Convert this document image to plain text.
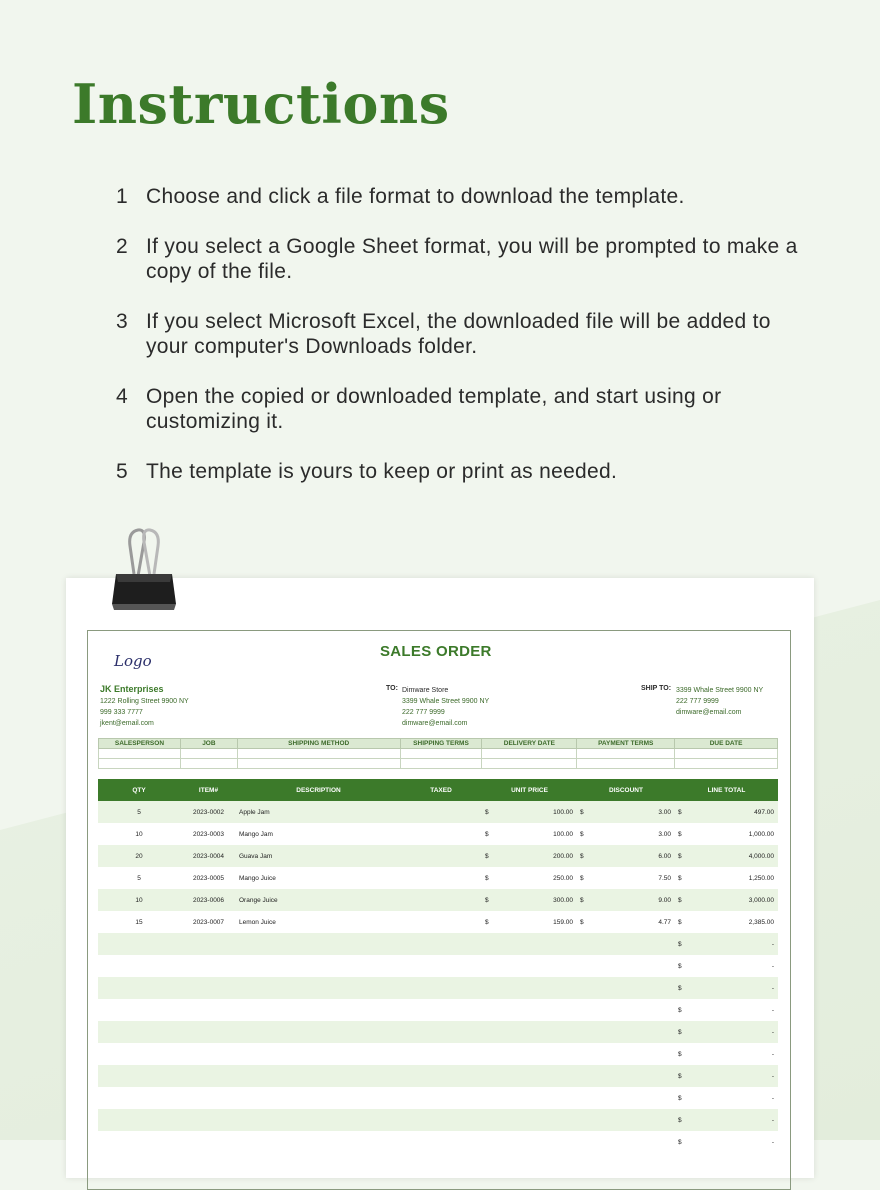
Instructions
1 Choose and click a file format to download the template.
2 If you select a Google Sheet format, you will be prompted to make a copy of the file.
3 If you select Microsoft Excel, the downloaded file will be added to your computer's Downloads folder.
4 Open the copied or downloaded template, and start using or customizing it.
5 The template is yours to keep or print as needed.
Logo
SALES ORDER
JK Enterprises
1222 Rolling Street 9900 NY
999 333 7777
jkent@email.com
TO: Dimware Store
3399 Whale Street 9900 NY
222 777 9999
dimware@email.com
SHIP TO: 3399 Whale Street 9900 NY
222 777 9999
dimware@email.com
SALESPERSON	JOB	SHIPPING METHOD	SHIPPING TERMS	DELIVERY DATE	PAYMENT TERMS	DUE DATE

QTY	ITEM#	DESCRIPTION	TAXED	UNIT PRICE		DISCOUNT		LINE TOTAL	
5	2023-0002	Apple Jam		$	100.00	$	3.00	$	497.00
10	2023-0003	Mango Jam		$	100.00	$	3.00	$	1,000.00
20	2023-0004	Guava Jam		$	200.00	$	6.00	$	4,000.00
5	2023-0005	Mango Juice		$	250.00	$	7.50	$	1,250.00
10	2023-0006	Orange Juice		$	300.00	$	9.00	$	3,000.00
15	2023-0007	Lemon Juice		$	159.00	$	4.77	$	2,385.00
								$	-
								$	-
								$	-
								$	-
								$	-
								$	-
								$	-
								$	-
								$	-
								$	-
